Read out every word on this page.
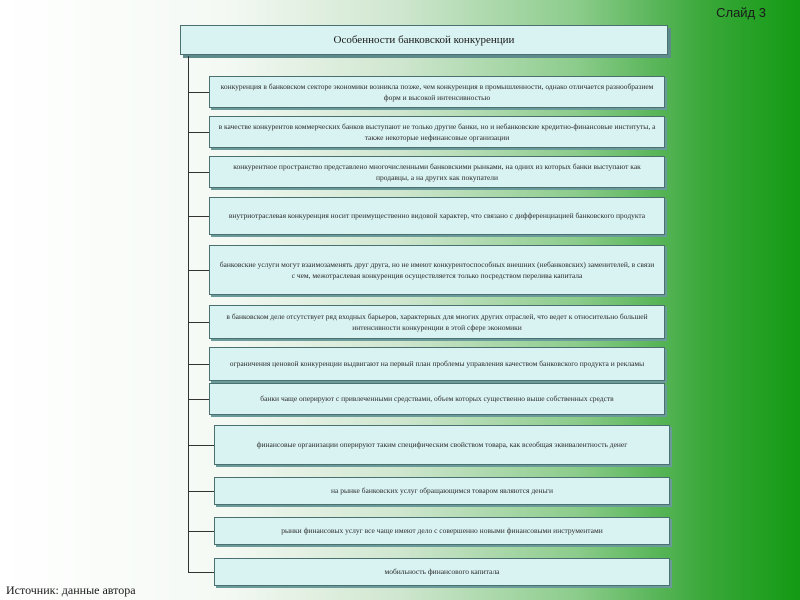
Слайд 3
Особенности банковской конкуренции
конкуренция в банковском секторе экономики возникла позже, чем конкуренция в промышленности, однако отличается разнообразием форм и высокой интенсивностью
в качестве конкурентов коммерческих банков выступают не только другие банки, но и небанковские кредитно-финансовые институты, а также некоторые нефинансовые организации
конкурентное пространство представлено многочисленными банковскими рынками, на одних из которых банки выступают как продавцы, а на других как покупатели
внутриотраслевая конкуренция носит преимущественно видовой характер, что связано с дифференциацией банковского продукта
банковские услуги могут взаимозаменять друг друга, но не имеют конкурентоспособных внешних (небанковских) заменителей, в связи с чем, межотраслевая конкуренция осуществляется только посредством перелива капитала
в банковском деле отсутствует ряд входных барьеров, характерных для многих других отраслей, что ведет к относительно большей интенсивности конкуренции в этой сфере экономики
ограничения ценовой конкуренции выдвигают на первый план проблемы управления качеством банковского продукта и рекламы
банки чаще оперируют с привлеченными средствами, объем которых существенно выше собственных средств
финансовые организации оперируют таким специфическим свойством товара, как всеобщая эквивалентность денег
на рынке банковских услуг обращающимся товаром являются деньги
рынки финансовых услуг все чаще имеют дело с совершенно новыми финансовыми инструментами
мобильность финансового капитала
Источник: данные автора
